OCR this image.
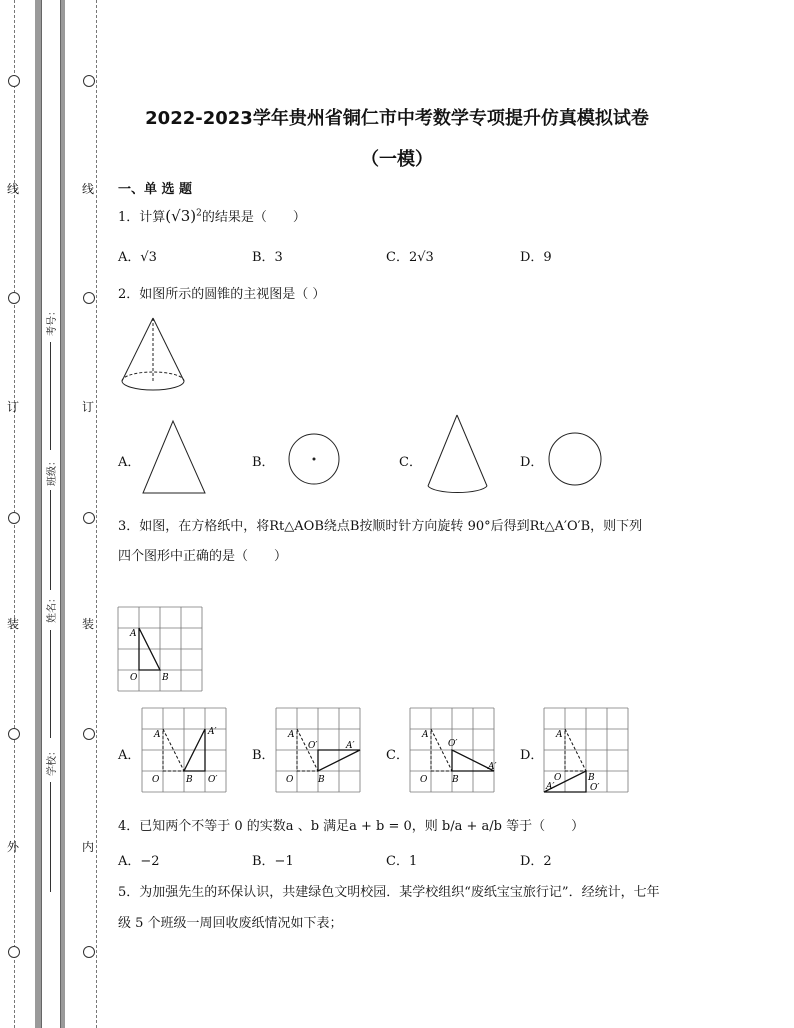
线
订
装
外
线
订
装
内
考号：
班级：
姓名：
学校：
2022-2023学年贵州省铜仁市中考数学专项提升仿真模拟试卷
（一模）
一、单 选 题
1．计算$(√3)^2$的结果是（　　）
A．√3	B．3	C．2√3	D．9
2．如图所示的圆锥的主视图是（ ）
A．	B．	C．	D．
3．如图，在方格纸中，将Rt△AOB绕点B按顺时针方向旋转 90°后得到Rt△A′O′B，则下列
四个图形中正确的是（　　）
A
O	B
A．
A	A′
O	B O′
B．
A
O′	A′
O	B
C．
A
O′
A′
O	B
D．
A
O	B
A′	O′
4．已知两个不等于 0 的实数a 、b 满足a + b = 0，则 b/a + a/b 等于（　　）
A．−2	B．−1	C．1	D．2
5．为加强先生的环保认识，共建绿色文明校园．某学校组织“废纸宝宝旅行记”．经统计，七年
级 5 个班级一周回收废纸情况如下表；
